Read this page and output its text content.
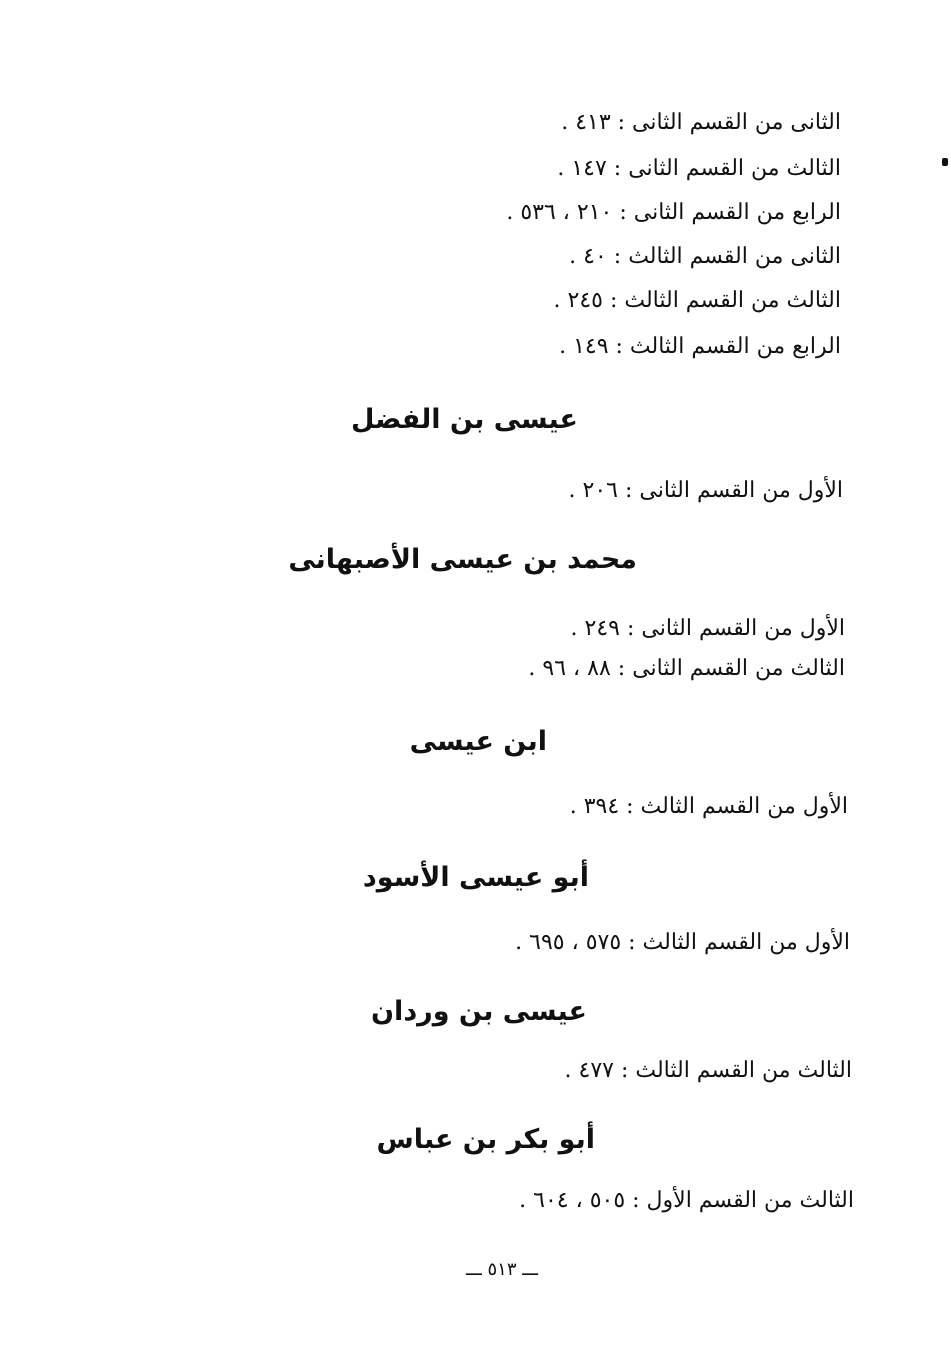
الثانى من القسم الثانى : ٤١٣ .
الثالث من القسم الثانى : ١٤٧ .
الرابع من القسم الثانى : ٢١٠ ، ٥٣٦ .
الثانى من القسم الثالث : ٤٠ .
الثالث من القسم الثالث : ٢٤٥ .
الرابع من القسم الثالث : ١٤٩ .
عيسى بن الفضل
الأول من القسم الثانى : ٢٠٦ .
محمد بن عيسى الأصبهانى
الأول من القسم الثانى : ٢٤٩ .
الثالث من القسم الثانى : ٨٨ ، ٩٦ .
ابن عيسى
الأول من القسم الثالث : ٣٩٤ .
أبو عيسى الأسود
الأول من القسم الثالث : ٥٧٥ ، ٦٩٥ .
عيسى بن وردان
الثالث من القسم الثالث : ٤٧٧ .
أبو بكر بن عباس
الثالث من القسم الأول : ٥٠٥ ، ٦٠٤ .
ـــ ٥١٣ ـــ
